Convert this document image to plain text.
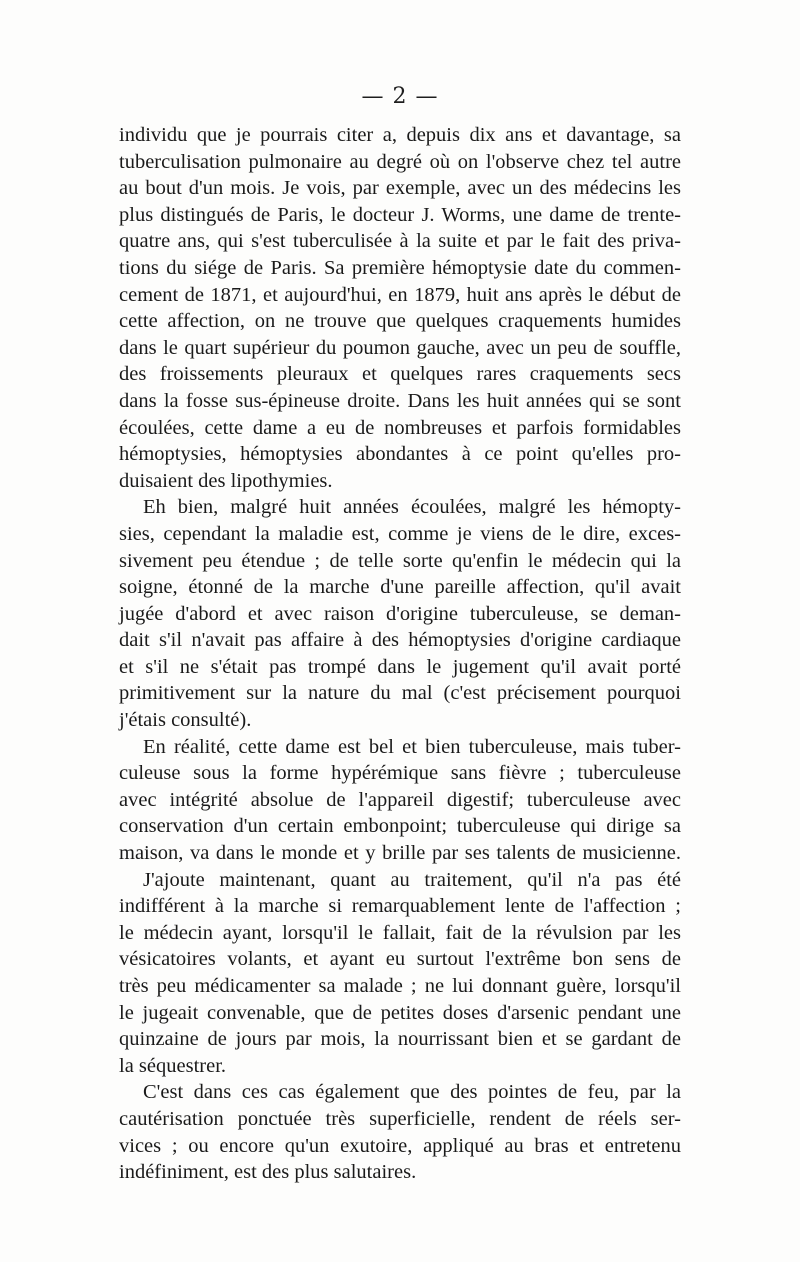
— 2 —
individu que je pourrais citer a, depuis dix ans et davantage, sa
tuberculisation pulmonaire au degré où on l'observe chez tel autre
au bout d'un mois. Je vois, par exemple, avec un des médecins les
plus distingués de Paris, le docteur J. Worms, une dame de trente-
quatre ans, qui s'est tuberculisée à la suite et par le fait des priva-
tions du siége de Paris. Sa première hémoptysie date du commen-
cement de 1871, et aujourd'hui, en 1879, huit ans après le début de
cette affection, on ne trouve que quelques craquements humides
dans le quart supérieur du poumon gauche, avec un peu de souffle,
des froissements pleuraux et quelques rares craquements secs
dans la fosse sus-épineuse droite. Dans les huit années qui se sont
écoulées, cette dame a eu de nombreuses et parfois formidables
hémoptysies, hémoptysies abondantes à ce point qu'elles pro-
duisaient des lipothymies.
Eh bien, malgré huit années écoulées, malgré les hémopty-
sies, cependant la maladie est, comme je viens de le dire, exces-
sivement peu étendue ; de telle sorte qu'enfin le médecin qui la
soigne, étonné de la marche d'une pareille affection, qu'il avait
jugée d'abord et avec raison d'origine tuberculeuse, se deman-
dait s'il n'avait pas affaire à des hémoptysies d'origine cardiaque
et s'il ne s'était pas trompé dans le jugement qu'il avait porté
primitivement sur la nature du mal (c'est précisement pourquoi
j'étais consulté).
En réalité, cette dame est bel et bien tuberculeuse, mais tuber-
culeuse sous la forme hypérémique sans fièvre ; tuberculeuse
avec intégrité absolue de l'appareil digestif; tuberculeuse avec
conservation d'un certain embonpoint; tuberculeuse qui dirige sa
maison, va dans le monde et y brille par ses talents de musicienne.
J'ajoute maintenant, quant au traitement, qu'il n'a pas été
indifférent à la marche si remarquablement lente de l'affection ;
le médecin ayant, lorsqu'il le fallait, fait de la révulsion par les
vésicatoires volants, et ayant eu surtout l'extrême bon sens de
très peu médicamenter sa malade ; ne lui donnant guère, lorsqu'il
le jugeait convenable, que de petites doses d'arsenic pendant une
quinzaine de jours par mois, la nourrissant bien et se gardant de
la séquestrer.
C'est dans ces cas également que des pointes de feu, par la
cautérisation ponctuée très superficielle, rendent de réels ser-
vices ; ou encore qu'un exutoire, appliqué au bras et entretenu
indéfiniment, est des plus salutaires.
